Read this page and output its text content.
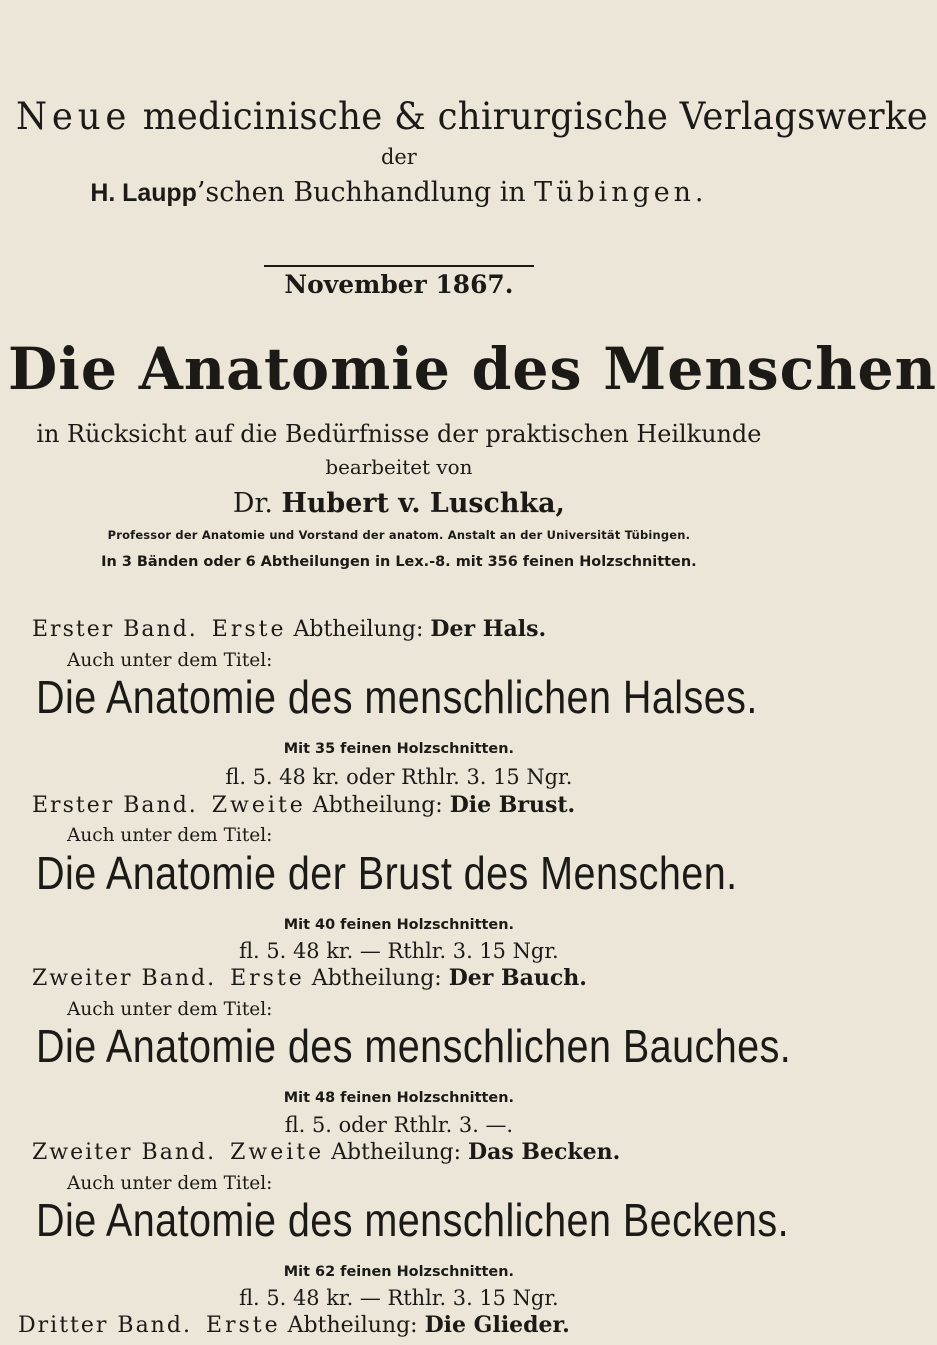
Neue medicinische & chirurgische Verlagswerke

der

H. Laupp’schen Buchhandlung in Tübingen.

November 1867.

Die Anatomie des Menschen

in Rücksicht auf die Bedürfnisse der praktischen Heilkunde

bearbeitet von

Dr. Hubert v. Luschka,

Professor der Anatomie und Vorstand der anatom. Anstalt an der Universität Tübingen.

In 3 Bänden oder 6 Abtheilungen in Lex.-8. mit 356 feinen Holzschnitten.

Erster Band. Erste Abtheilung: Der Hals.

Auch unter dem Titel:

Die Anatomie des menschlichen Halses.

Mit 35 feinen Holzschnitten.

fl. 5. 48 kr. oder Rthlr. 3. 15 Ngr.

Erster Band. Zweite Abtheilung: Die Brust.

Auch unter dem Titel:

Die Anatomie der Brust des Menschen.

Mit 40 feinen Holzschnitten.

fl. 5. 48 kr. — Rthlr. 3. 15 Ngr.

Zweiter Band. Erste Abtheilung: Der Bauch.

Auch unter dem Titel:

Die Anatomie des menschlichen Bauches.

Mit 48 feinen Holzschnitten.

fl. 5. oder Rthlr. 3. —.

Zweiter Band. Zweite Abtheilung: Das Becken.

Auch unter dem Titel:

Die Anatomie des menschlichen Beckens.

Mit 62 feinen Holzschnitten.

fl. 5. 48 kr. — Rthlr. 3. 15 Ngr.

Dritter Band. Erste Abtheilung: Die Glieder.
